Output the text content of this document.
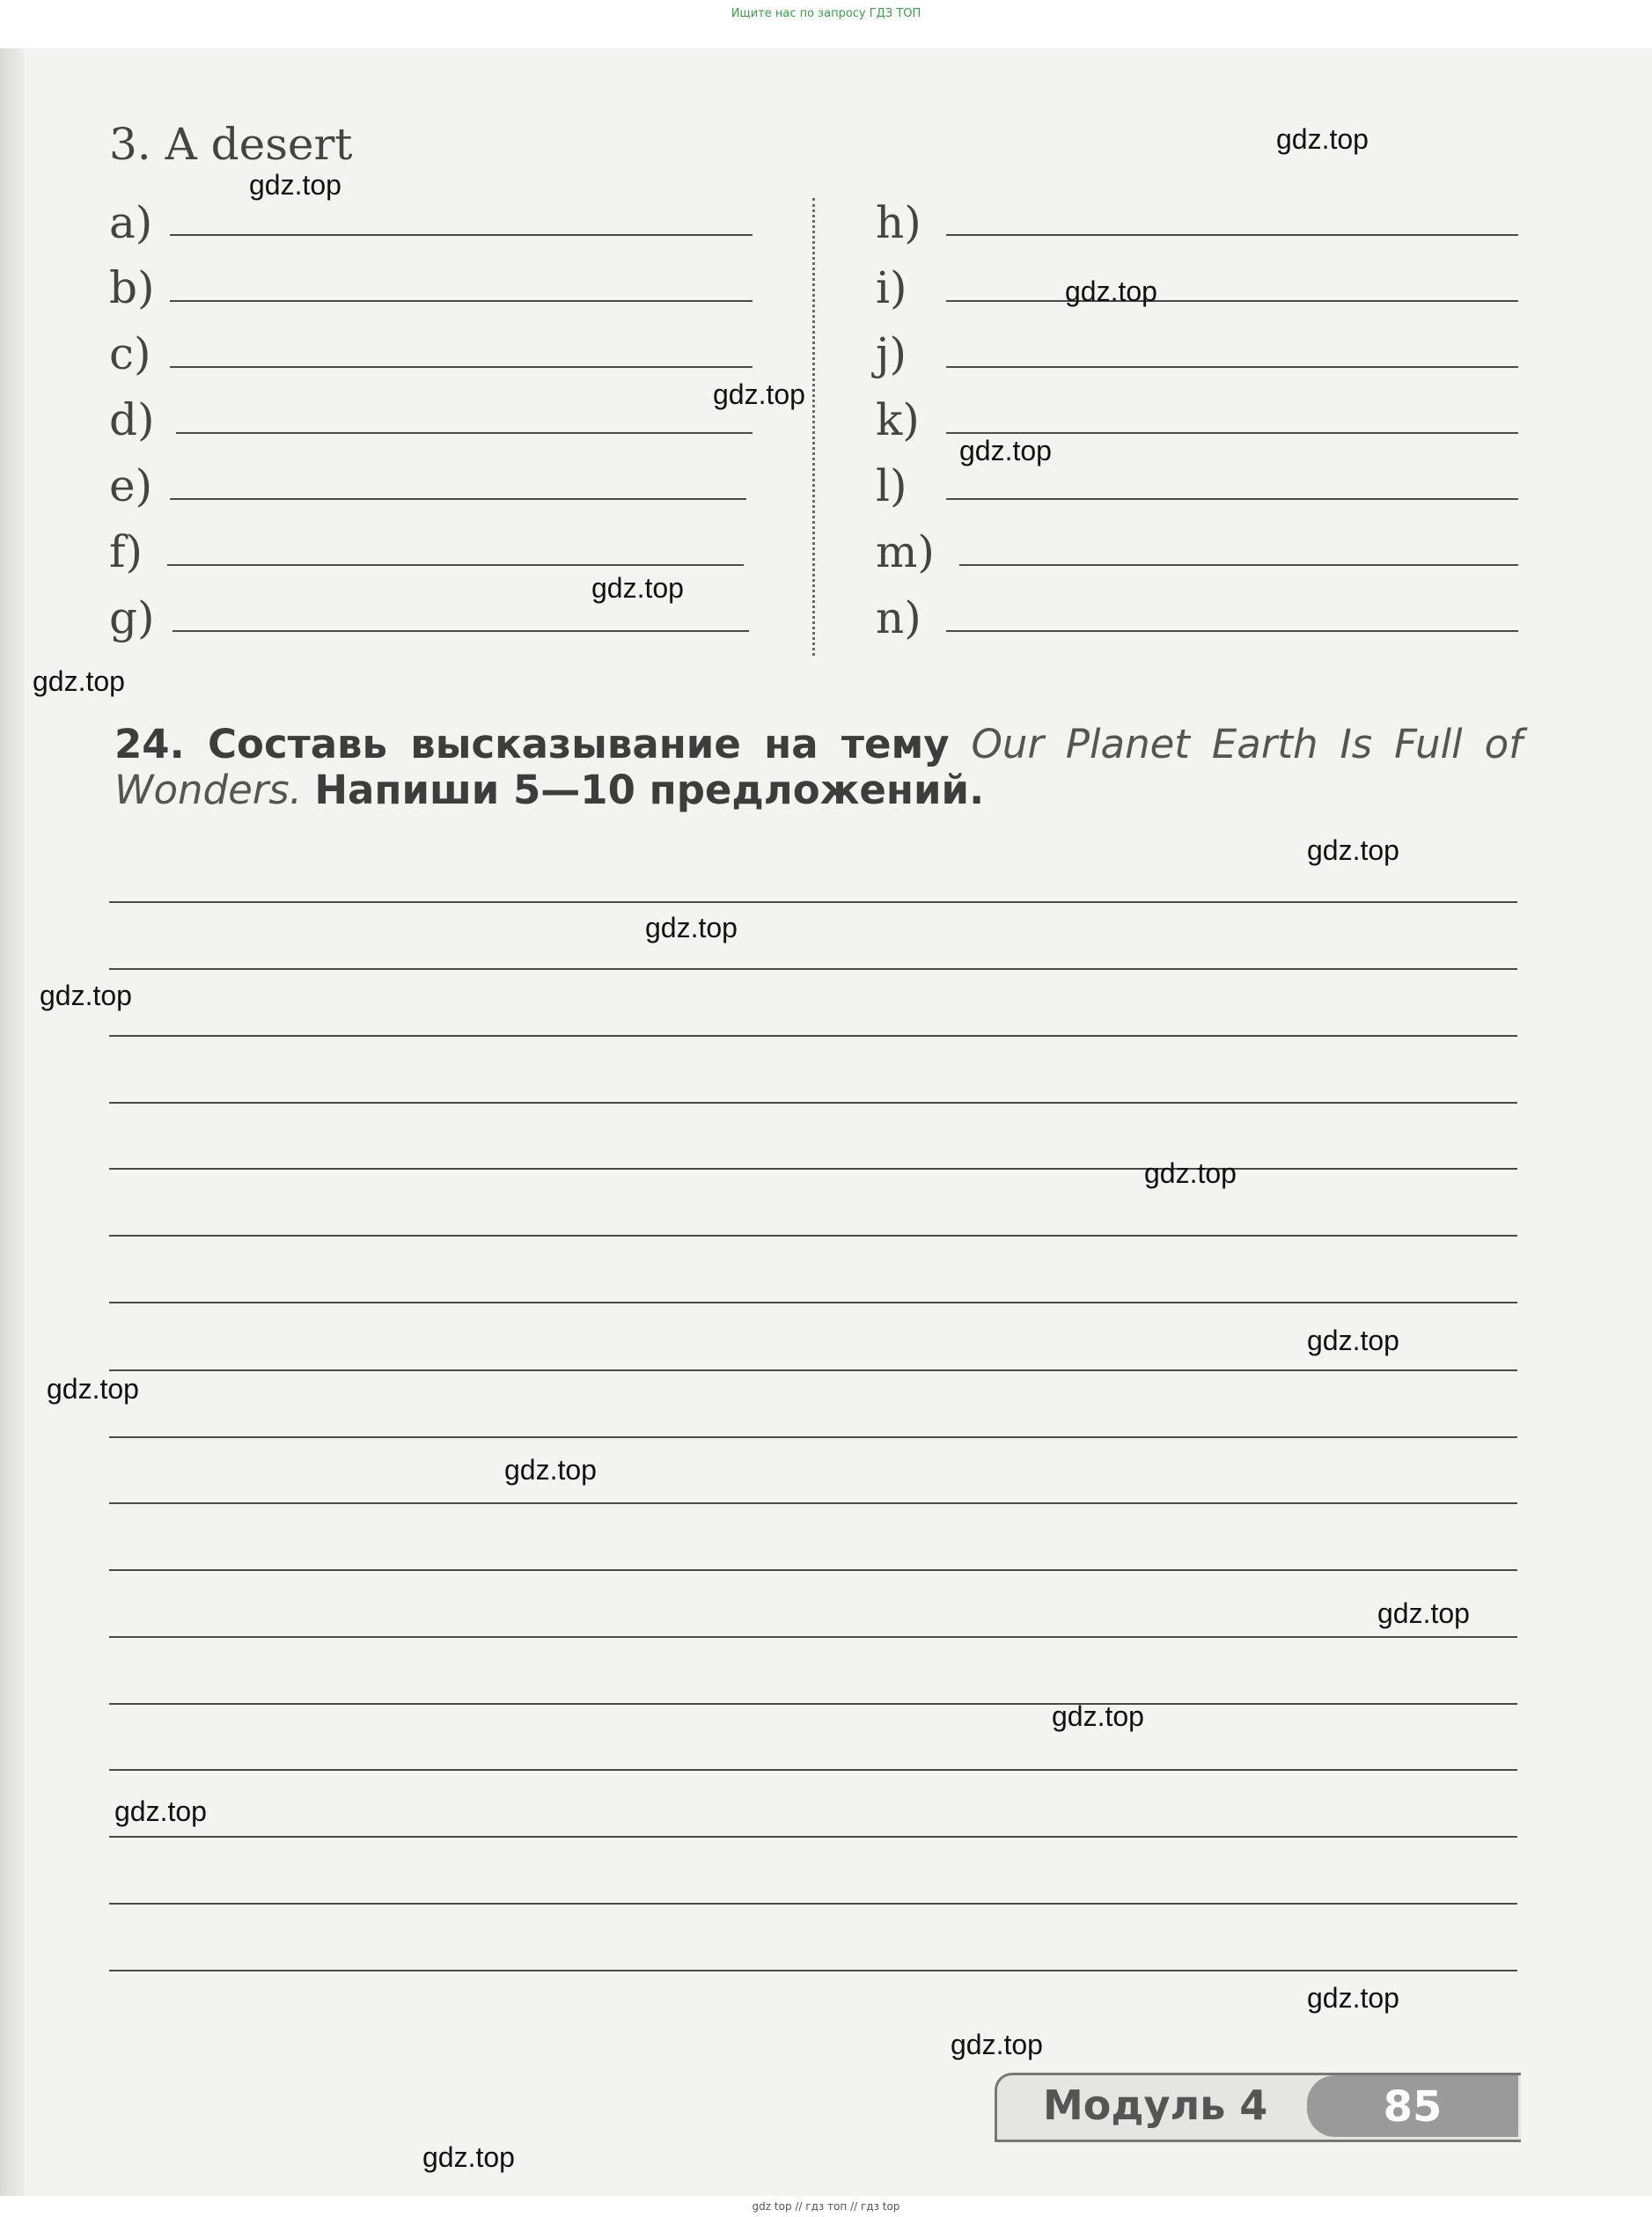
Ищите нас по запросу ГДЗ ТОП
3. A desert
a)
b)
c)
d)
e)
f)
g)
h)
i)
j)
k)
l)
m)
n)
24. Составь высказывание на тему Our Planet Earth Is Full of Wonders. Напиши 5—10 предложений.
Модуль 4	85
gdz.top
gdz.top
gdz.top
gdz.top
gdz.top
gdz.top
gdz.top
gdz.top
gdz.top
gdz.top
gdz.top
gdz.top
gdz.top
gdz.top
gdz.top
gdz.top
gdz.top
gdz.top
gdz.top
gdz.top
gdz top // гдз топ // гдз top
